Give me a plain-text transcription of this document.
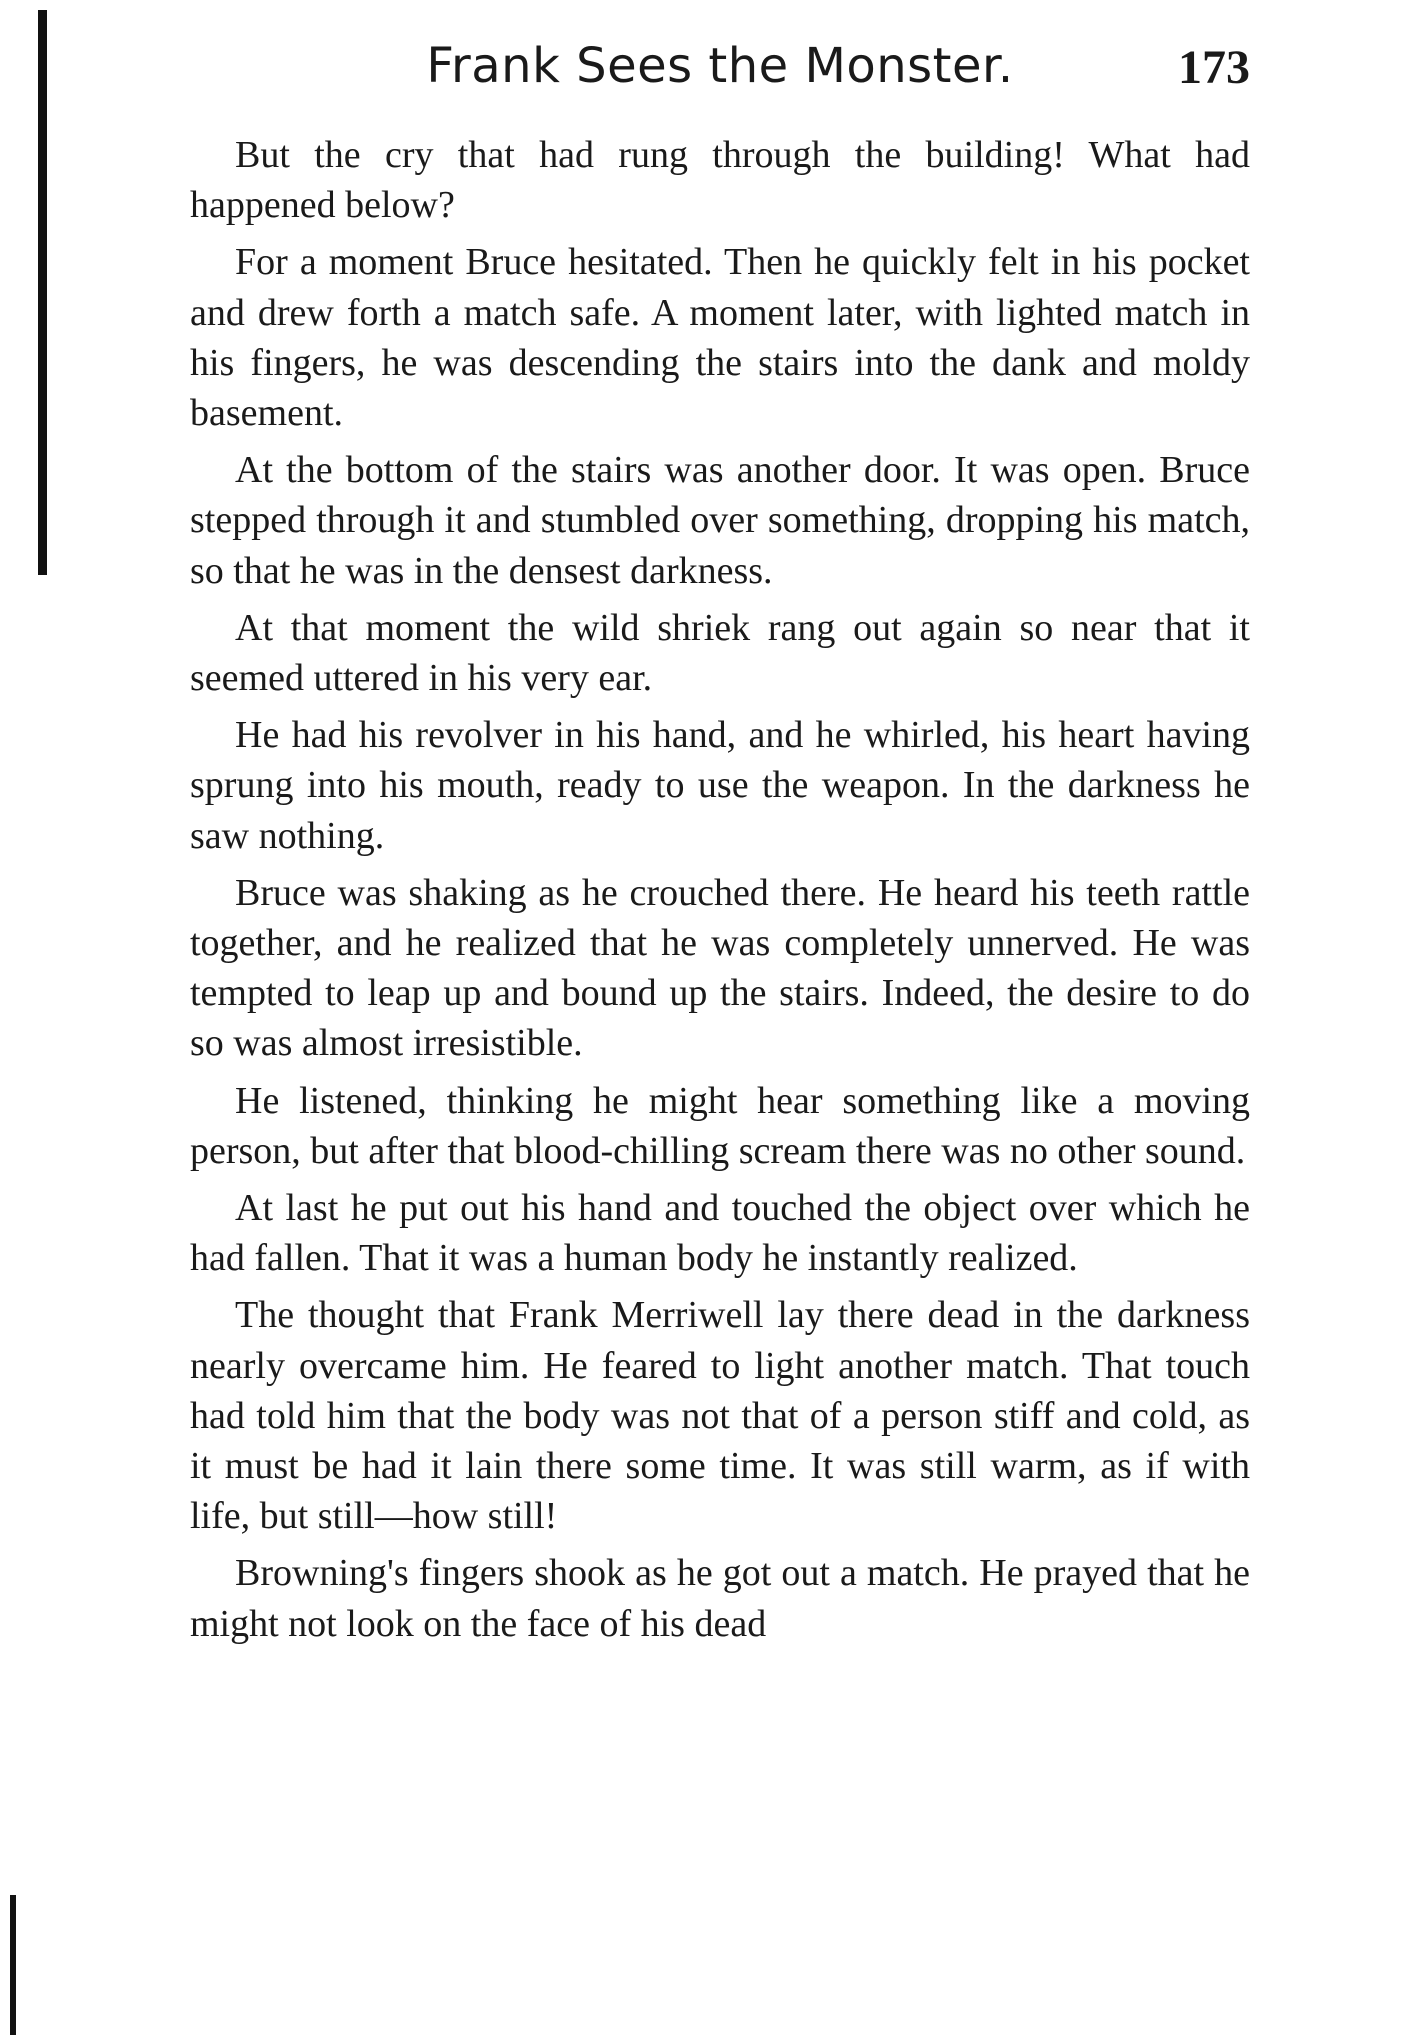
Frank Sees the Monster.	173

But the cry that had rung through the building! What had happened below?

For a moment Bruce hesitated. Then he quickly felt in his pocket and drew forth a match safe. A moment later, with lighted match in his fingers, he was descending the stairs into the dank and moldy basement.

At the bottom of the stairs was another door. It was open. Bruce stepped through it and stumbled over something, dropping his match, so that he was in the densest darkness.

At that moment the wild shriek rang out again so near that it seemed uttered in his very ear.

He had his revolver in his hand, and he whirled, his heart having sprung into his mouth, ready to use the weapon. In the darkness he saw nothing.

Bruce was shaking as he crouched there. He heard his teeth rattle together, and he realized that he was completely unnerved. He was tempted to leap up and bound up the stairs. Indeed, the desire to do so was almost irresistible.

He listened, thinking he might hear something like a moving person, but after that blood-chilling scream there was no other sound.

At last he put out his hand and touched the object over which he had fallen. That it was a human body he instantly realized.

The thought that Frank Merriwell lay there dead in the darkness nearly overcame him. He feared to light another match. That touch had told him that the body was not that of a person stiff and cold, as it must be had it lain there some time. It was still warm, as if with life, but still—how still!

Browning's fingers shook as he got out a match. He prayed that he might not look on the face of his dead
